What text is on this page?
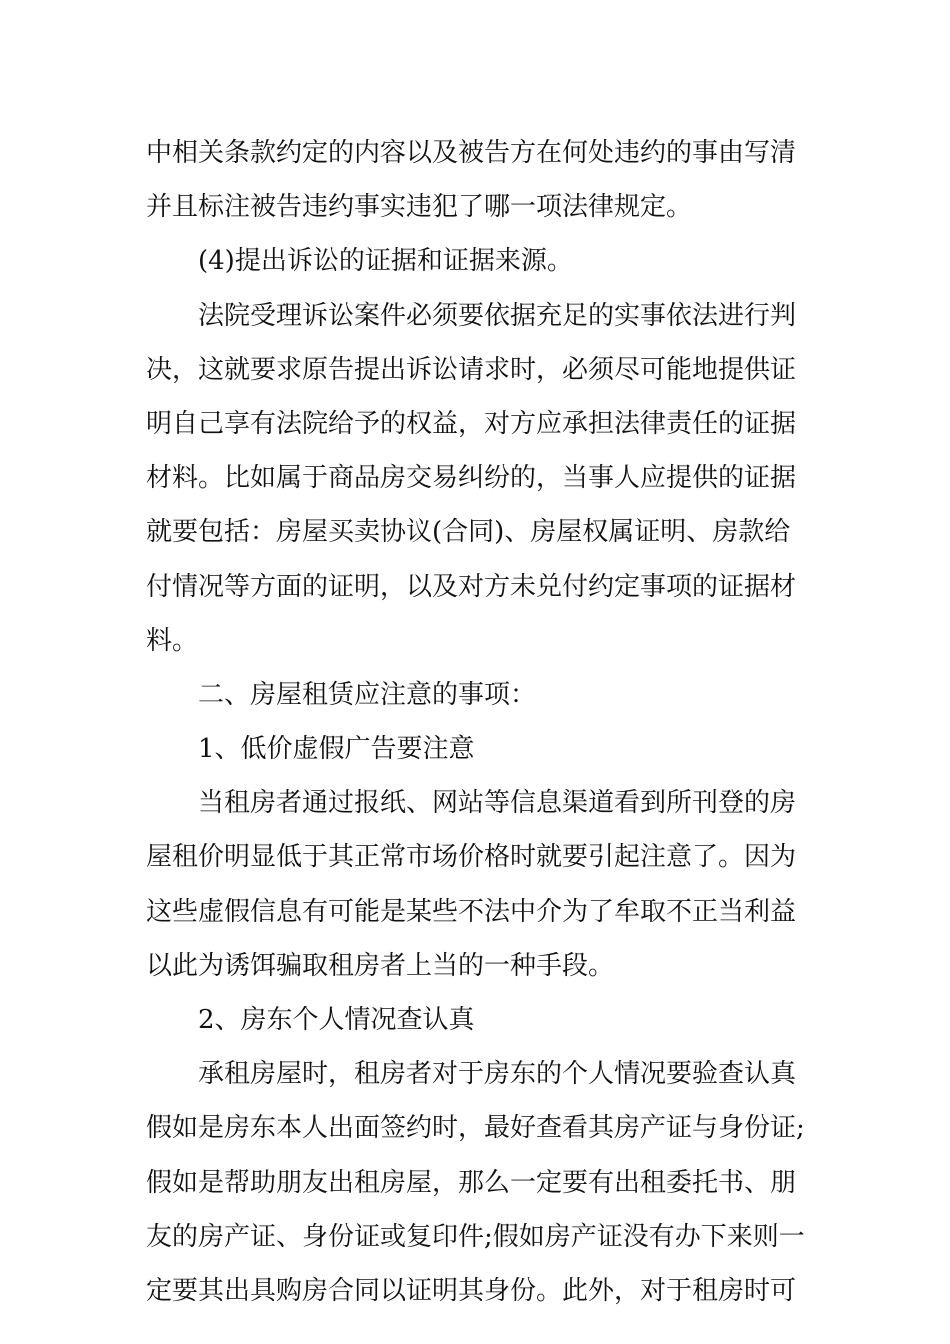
中相关条款约定的内容以及被告方在何处违约的事由写清
并且标注被告违约事实违犯了哪一项法律规定。
(4)提出诉讼的证据和证据来源。
法院受理诉讼案件必须要依据充足的实事依法进行判
决，这就要求原告提出诉讼请求时，必须尽可能地提供证
明自己享有法院给予的权益，对方应承担法律责任的证据
材料。比如属于商品房交易纠纷的，当事人应提供的证据
就要包括：房屋买卖协议(合同)、房屋权属证明、房款给
付情况等方面的证明，以及对方未兑付约定事项的证据材
料。
二、房屋租赁应注意的事项：
1、低价虚假广告要注意
当租房者通过报纸、网站等信息渠道看到所刊登的房
屋租价明显低于其正常市场价格时就要引起注意了。因为
这些虚假信息有可能是某些不法中介为了牟取不正当利益
以此为诱饵骗取租房者上当的一种手段。
2、房东个人情况查认真
承租房屋时，租房者对于房东的个人情况要验查认真
假如是房东本人出面签约时，最好查看其房产证与身份证;
假如是帮助朋友出租房屋，那么一定要有出租委托书、朋
友的房产证、身份证或复印件;假如房产证没有办下来则一
定要其出具购房合同以证明其身份。此外，对于租房时可
